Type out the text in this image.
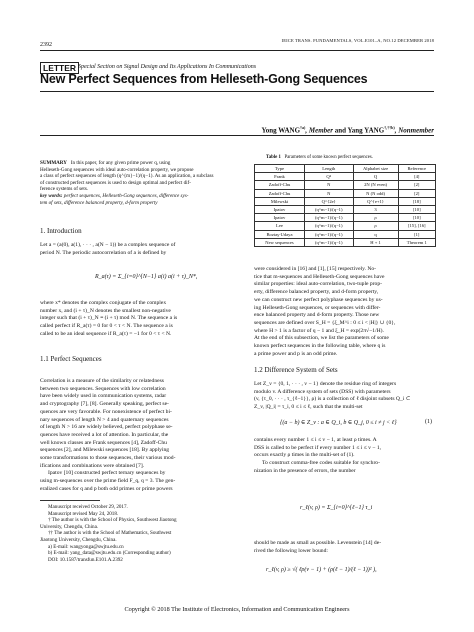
2392
IEICE TRANS. FUNDAMENTALS, VOL.E101–A, NO.12 DECEMBER 2018
LETTER Special Section on Signal Design and Its Applications In Communications
New Perfect Sequences from Helleseth-Gong Sequences
Yong WANG$^{\dagger a)}$, Member and Yang $YANG^{\dagger,\dagger\dagger b)}$, Nonmember
SUMMARY In this paper, for any given prime power q, using
Helleseth-Gong sequences with ideal auto-correlation property, we propose
a class of perfect sequences of length (q^{m}−1)/(q−1). As an application, a subclass
of constructed perfect sequences is used to design optimal and perfect dif-
ference systems of sets.
key words: perfect sequences, Helleseth-Gong sequences, difference sys-
tem of sets, difference balanced property, d-form property
1. Introduction
Let a = (a(0), a(1), · · · , a(N − 1)) be a complex sequence of
period N. The periodic autocorrelation of a is defined by
R_a(τ) = Σ_{i=0}^{N−1} a(i) a(i + τ)_N*,
where x* denotes the complex conjugate of the complex
number x, and (i + τ)_N denotes the smallest non-negative
integer such that (i + τ)_N ≡ (i + τ) mod N. The sequence a is
called perfect if R_a(τ) = 0 for 0 < τ < N. The sequence a is
called to be an ideal sequence if R_a(τ) = −1 for 0 < τ < N.
1.1 Perfect Sequences
Correlation is a measure of the similarity or relatedness
between two sequences. Sequences with low correlation
have been widely used in communication systems, radar
and cryptography [7], [8]. Generally speaking, perfect se-
quences are very favorable. For nonexistence of perfect bi-
nary sequences of length N > 4 and quaternary sequences
of length N > 16 are widely believed, perfect polyphase se-
quences have received a lot of attention. In particular, the
well known classes are Frank sequences [4], Zadoff-Chu
sequences [2], and Milewski sequences [18]. By applying
some transformations to those sequences, their various mod-
ifications and combinations were obtained [7].
Ipatov [10] constructed perfect ternary sequences by
using m-sequences over the prime field F_q, q = 3. The gen-
eralized cases for q and p both odd primes or prime powers
Manuscript received October 29, 2017.
Manuscript revised May 24, 2018.
† The author is with the School of Physics, Southwest Jiaotong
University, Chengdu, China.
†† The author is with the School of Mathematics, Southwest
Jiaotong University, Chengdu, China.
a) E-mail: wangyonga@swjtu.edu.cn
b) E-mail: yang_data@swjtu.edu.cn (Corresponding author)
DOI: 10.1587/transfun.E101.A.2392
Table 1 Parameters of some known perfect sequences.
Type	Length	Alphabet size	Reference
Frank	Q²	Q	[4]
Zadoff-Chu	N	2N (N even)	[2]
Zadoff-Chu	N	N (N odd)	[2]
Milewski	Q^{2e}	Q^{e+1}	[18]
Ipatov	(q^m−1)/(q−1)	3	[10]
Ipatov	(q^m−1)/(q−1)	ρ	[10]
Lee	(q^m−1)/(q−1)	ρ	[15], [16]
Boztaş-Udaya	(q^m−1)/(q−1)	q	[1]
New sequences	(q^m−1)/(q−1)	H + 1	Theorem 1
were considered in [16] and [1], [15] respectively. No-
tice that m-sequences and Helleseth-Gong sequences have
similar properties: ideal auto-correlation, two-tuple prop-
erty, difference balanced property, and d-form property,
we can construct new perfect polyphase sequences by us-
ing Helleseth-Gong sequences, or sequences with differ-
ence balanced property and d-form property. Those new
sequences are defined over S_H = {ξ_M^i : 0 ≤ i < |H|} ∪ {0},
where H > 1 is a factor of q − 1 and ξ_H = exp(2π√−1/H).
At the end of this subsection, we list the parameters of some
known perfect sequences in the following table, where q is
a prime power and p is an odd prime.
1.2 Difference System of Sets
Let Z_v = {0, 1, · · · , v − 1} denote the residue ring of integers
modulo v. A difference system of sets (DSS) with parameters
(v, {τ_0, · · · , τ_{ℓ−1}}, ρ) is a collection of ℓ disjoint subsets Q_i ⊂
Z_v, |Q_i| = τ_i, 0 ≤ i ≤ ℓ, such that the multi-set
{(a − b) ∈ Z_v : a ∈ Q_i, b ∈ Q_j, 0 ≤ i ≠ j < ℓ}	(1)
contains every number 1 ≤ i ≤ v − 1, at least ρ times. A
DSS is called to be perfect if every number 1 ≤ i ≤ v − 1,
occurs exactly ρ times in the multi-set of (1).
To construct comma-free codes suitable for synchro-
nization in the presence of errors, the number
r_ℓ(v, ρ) = Σ_{i=0}^{ℓ−1} τ_i
should be made as small as possible. Levenstein [14] de-
rived the following lower bound:
r_ℓ(v, ρ) ≥ √( ℓρ(v − 1) + (ρ(ℓ − 1)/(ℓ − 1))² ),
Copyright © 2018 The Institute of Electronics, Information and Communication Engineers
